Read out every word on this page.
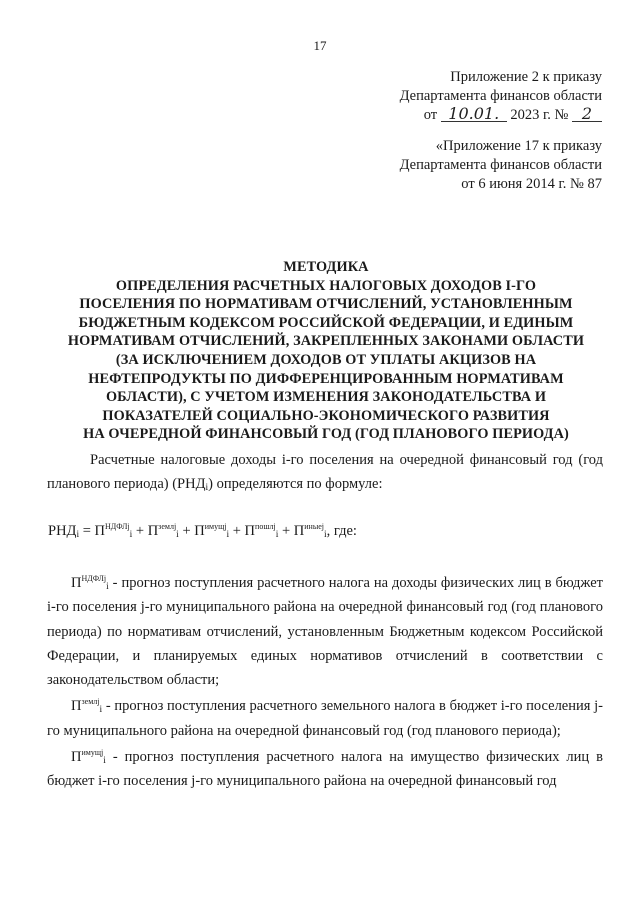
17
Приложение 2 к приказу
Департамента финансов области
от 10.01. 2023 г. № 2
«Приложение 17 к приказу
Департамента финансов области
от 6 июня 2014 г. № 87
МЕТОДИКА
ОПРЕДЕЛЕНИЯ РАСЧЕТНЫХ НАЛОГОВЫХ ДОХОДОВ I-ГО
ПОСЕЛЕНИЯ ПО НОРМАТИВАМ ОТЧИСЛЕНИЙ, УСТАНОВЛЕННЫМ
БЮДЖЕТНЫМ КОДЕКСОМ РОССИЙСКОЙ ФЕДЕРАЦИИ, И ЕДИНЫМ
НОРМАТИВАМ ОТЧИСЛЕНИЙ, ЗАКРЕПЛЕННЫХ ЗАКОНАМИ ОБЛАСТИ
(ЗА ИСКЛЮЧЕНИЕМ ДОХОДОВ ОТ УПЛАТЫ АКЦИЗОВ НА
НЕФТЕПРОДУКТЫ ПО ДИФФЕРЕНЦИРОВАННЫМ НОРМАТИВАМ
ОБЛАСТИ), С УЧЕТОМ ИЗМЕНЕНИЯ ЗАКОНОДАТЕЛЬСТВА И
ПОКАЗАТЕЛЕЙ СОЦИАЛЬНО-ЭКОНОМИЧЕСКОГО РАЗВИТИЯ
НА ОЧЕРЕДНОЙ ФИНАНСОВЫЙ ГОД (ГОД ПЛАНОВОГО ПЕРИОДА)
Расчетные налоговые доходы i-го поселения на очередной финансовый год (год планового периода) $(РНД_i)$ определяются по формуле:
$РНД_i = П^{НДФЛj}_i + П^{землj}_i + П^{имущj}_i + П^{пошлj}_i + П^{иныеj}_i$, где:

$П^{НДФЛj}_i$ - прогноз поступления расчетного налога на доходы физических лиц в бюджет i-го поселения j-го муниципального района на очередной финансовый год (год планового периода) по нормативам отчислений, установленным Бюджетным кодексом Российской Федерации, и планируемых единых нормативов отчислений в соответствии с законодательством области;

$П^{землj}_i$ - прогноз поступления расчетного земельного налога в бюджет i-го поселения j-го муниципального района на очередной финансовый год (год планового периода);

$П^{имущj}_i$ - прогноз поступления расчетного налога на имущество физических лиц в бюджет i-го поселения j-го муниципального района на очередной финансовый год
